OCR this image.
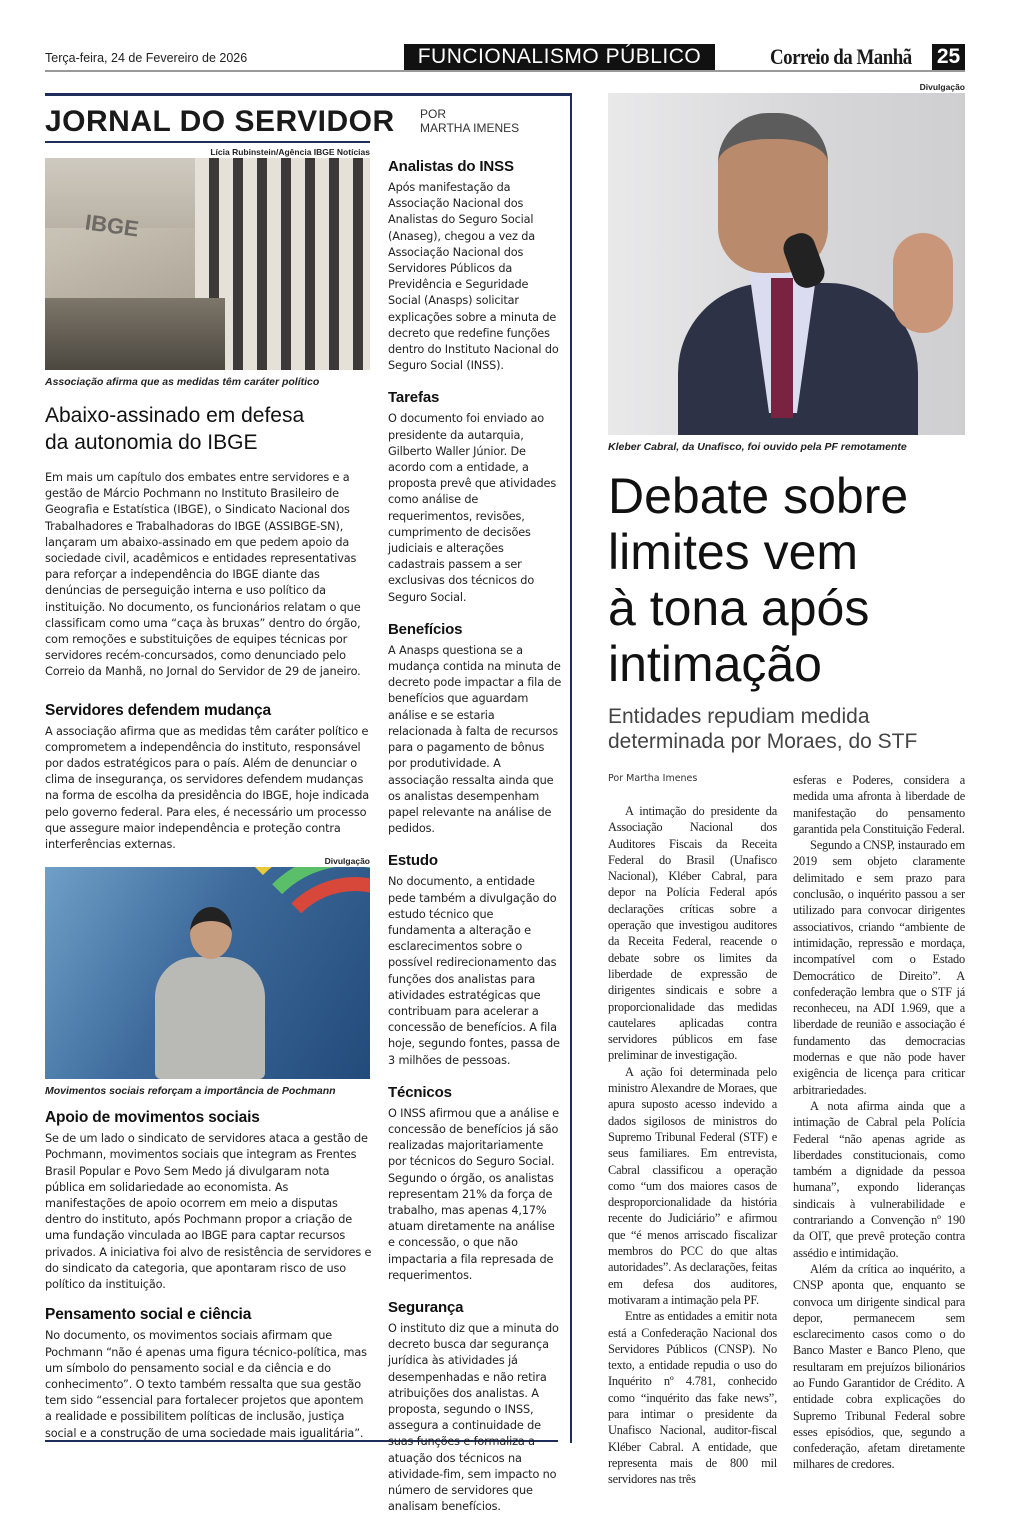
Terça-feira, 24 de Fevereiro de 2026	FUNCIONALISMO PÚBLICO	Correio da Manhã 25
JORNAL DO SERVIDOR POR
MARTHA IMENES
Lícia Rubinstein/Agência IBGE Notícias
IBGE
Associação afirma que as medidas têm caráter político
Abaixo-assinado em defesa
da autonomia do IBGE

Em mais um capítulo dos embates entre servidores e a gestão de Márcio Pochmann no Instituto Brasileiro de Geografia e Estatística (IBGE), o Sindicato Nacional dos Trabalhadores e Trabalhadoras do IBGE (ASSIBGE-SN), lançaram um abaixo-assinado em que pedem apoio da sociedade civil, acadêmicos e entidades representativas para reforçar a independência do IBGE diante das denúncias de perseguição interna e uso político da instituição. No documento, os funcionários relatam o que classificam como uma “caça às bruxas” dentro do órgão, com remoções e substituições de equipes técnicas por servidores recém-concursados, como denunciado pelo Correio da Manhã, no Jornal do Servidor de 29 de janeiro.

Servidores defendem mudança

A associação afirma que as medidas têm caráter político e comprometem a independência do instituto, responsável por dados estratégicos para o país. Além de denunciar o clima de insegurança, os servidores defendem mudanças na forma de escolha da presidência do IBGE, hoje indicada pelo governo federal. Para eles, é necessário um processo que assegure maior independência e proteção contra interferências externas.

Divulgação
Movimentos sociais reforçam a importância de Pochmann
Apoio de movimentos sociais

Se de um lado o sindicato de servidores ataca a gestão de Pochmann, movimentos sociais que integram as Frentes Brasil Popular e Povo Sem Medo já divulgaram nota pública em solidariedade ao economista. As manifestações de apoio ocorrem em meio a disputas dentro do instituto, após Pochmann propor a criação de uma fundação vinculada ao IBGE para captar recursos privados. A iniciativa foi alvo de resistência de servidores e do sindicato da categoria, que apontaram risco de uso político da instituição.

Pensamento social e ciência

No documento, os movimentos sociais afirmam que Pochmann “não é apenas uma figura técnico-política, mas um símbolo do pensamento social e da ciência e do conhecimento”. O texto também ressalta que sua gestão tem sido “essencial para fortalecer projetos que apontem a realidade e possibilitem políticas de inclusão, justiça social e a construção de uma sociedade mais igualitária”.

Analistas do INSS

Após manifestação da Associação Nacional dos Analistas do Seguro Social (Anaseg), chegou a vez da Associação Nacional dos Servidores Públicos da Previdência e Seguridade Social (Anasps) solicitar explicações sobre a minuta de decreto que redefine funções dentro do Instituto Nacional do Seguro Social (INSS).

Tarefas

O documento foi enviado ao presidente da autarquia, Gilberto Waller Júnior. De acordo com a entidade, a proposta prevê que atividades como análise de requerimentos, revisões, cumprimento de decisões judiciais e alterações cadastrais passem a ser exclusivas dos técnicos do Seguro Social.

Benefícios

A Anasps questiona se a mudança contida na minuta de decreto pode impactar a fila de benefícios que aguardam análise e se estaria relacionada à falta de recursos para o pagamento de bônus por produtividade. A associação ressalta ainda que os analistas desempenham papel relevante na análise de pedidos.

Estudo

No documento, a entidade pede também a divulgação do estudo técnico que fundamenta a alteração e esclarecimentos sobre o possível redirecionamento das funções dos analistas para atividades estratégicas que contribuam para acelerar a concessão de benefícios. A fila hoje, segundo fontes, passa de 3 milhões de pessoas.

Técnicos

O INSS afirmou que a análise e concessão de benefícios já são realizadas majoritariamente por técnicos do Seguro Social. Segundo o órgão, os analistas representam 21% da força de trabalho, mas apenas 4,17% atuam diretamente na análise e concessão, o que não impactaria a fila represada de requerimentos.

Segurança

O instituto diz que a minuta do decreto busca dar segurança jurídica às atividades já desempenhadas e não retira atribuições dos analistas. A proposta, segundo o INSS, assegura a continuidade de suas funções e formaliza a atuação dos técnicos na atividade-fim, sem impacto no número de servidores que analisam benefícios.

Divulgação
Kleber Cabral, da Unafisco, foi ouvido pela PF remotamente
Debate sobre
limites vem
à tona após
intimação
Entidades repudiam medida determinada por Moraes, do STF
Por Martha Imenes

A intimação do presidente da Associação Nacional dos Auditores Fiscais da Receita Federal do Brasil (Unafisco Nacional), Kléber Cabral, para depor na Polícia Federal após declarações críticas sobre a operação que investigou auditores da Receita Federal, reacende o debate sobre os limites da liberdade de expressão de dirigentes sindicais e sobre a proporcionalidade das medidas cautelares aplicadas contra servidores públicos em fase preliminar de investigação.

A ação foi determinada pelo ministro Alexandre de Moraes, que apura suposto acesso indevido a dados sigilosos de ministros do Supremo Tribunal Federal (STF) e seus familiares. Em entrevista, Cabral classificou a operação como “um dos maiores casos de desproporcionalidade da história recente do Judiciário” e afirmou que “é menos arriscado fiscalizar membros do PCC do que altas autoridades”. As declarações, feitas em defesa dos auditores, motivaram a intimação pela PF.

Entre as entidades a emitir nota está a Confederação Nacional dos Servidores Públicos (CNSP). No texto, a entidade repudia o uso do Inquérito nº 4.781, conhecido como “inquérito das fake news”, para intimar o presidente da Unafisco Nacional, auditor-fiscal Kléber Cabral. A entidade, que representa mais de 800 mil servidores nas três

esferas e Poderes, considera a medida uma afronta à liberdade de manifestação do pensamento garantida pela Constituição Federal.

Segundo a CNSP, instaurado em 2019 sem objeto claramente delimitado e sem prazo para conclusão, o inquérito passou a ser utilizado para convocar dirigentes associativos, criando “ambiente de intimidação, repressão e mordaça, incompatível com o Estado Democrático de Direito”. A confederação lembra que o STF já reconheceu, na ADI 1.969, que a liberdade de reunião e associação é fundamento das democracias modernas e que não pode haver exigência de licença para criticar arbitrariedades.

A nota afirma ainda que a intimação de Cabral pela Polícia Federal “não apenas agride as liberdades constitucionais, como também a dignidade da pessoa humana”, expondo lideranças sindicais à vulnerabilidade e contrariando a Convenção nº 190 da OIT, que prevê proteção contra assédio e intimidação.

Além da crítica ao inquérito, a CNSP aponta que, enquanto se convoca um dirigente sindical para depor, permanecem sem esclarecimento casos como o do Banco Master e Banco Pleno, que resultaram em prejuízos bilionários ao Fundo Garantidor de Crédito. A entidade cobra explicações do Supremo Tribunal Federal sobre esses episódios, que, segundo a confederação, afetam diretamente milhares de credores.
